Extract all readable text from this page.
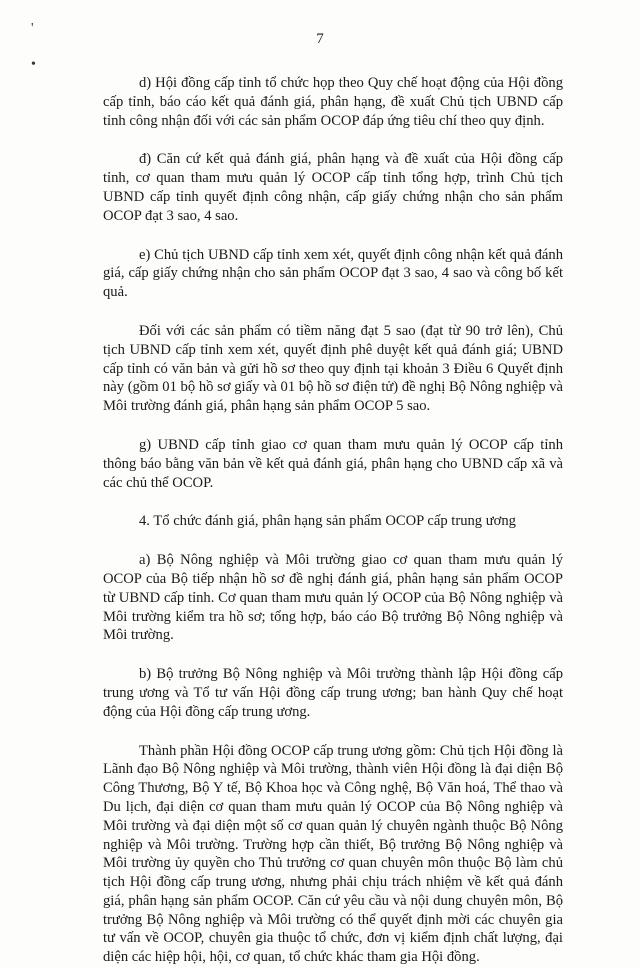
'
•
7

d) Hội đồng cấp tỉnh tổ chức họp theo Quy chế hoạt động của Hội đồng cấp tỉnh, báo cáo kết quả đánh giá, phân hạng, đề xuất Chủ tịch UBND cấp tỉnh công nhận đối với các sản phẩm OCOP đáp ứng tiêu chí theo quy định.

đ) Căn cứ kết quả đánh giá, phân hạng và đề xuất của Hội đồng cấp tỉnh, cơ quan tham mưu quản lý OCOP cấp tỉnh tổng hợp, trình Chủ tịch UBND cấp tỉnh quyết định công nhận, cấp giấy chứng nhận cho sản phẩm OCOP đạt 3 sao, 4 sao.

e) Chủ tịch UBND cấp tỉnh xem xét, quyết định công nhận kết quả đánh giá, cấp giấy chứng nhận cho sản phẩm OCOP đạt 3 sao, 4 sao và công bố kết quả.

Đối với các sản phẩm có tiềm năng đạt 5 sao (đạt từ 90 trở lên), Chủ tịch UBND cấp tỉnh xem xét, quyết định phê duyệt kết quả đánh giá; UBND cấp tỉnh có văn bản và gửi hồ sơ theo quy định tại khoản 3 Điều 6 Quyết định này (gồm 01 bộ hồ sơ giấy và 01 bộ hồ sơ điện tử) đề nghị Bộ Nông nghiệp và Môi trường đánh giá, phân hạng sản phẩm OCOP 5 sao.

g) UBND cấp tỉnh giao cơ quan tham mưu quản lý OCOP cấp tỉnh thông báo bằng văn bản về kết quả đánh giá, phân hạng cho UBND cấp xã và các chủ thể OCOP.

4. Tổ chức đánh giá, phân hạng sản phẩm OCOP cấp trung ương

a) Bộ Nông nghiệp và Môi trường giao cơ quan tham mưu quản lý OCOP của Bộ tiếp nhận hồ sơ đề nghị đánh giá, phân hạng sản phẩm OCOP từ UBND cấp tỉnh. Cơ quan tham mưu quản lý OCOP của Bộ Nông nghiệp và Môi trường kiểm tra hồ sơ; tổng hợp, báo cáo Bộ trưởng Bộ Nông nghiệp và Môi trường.

b) Bộ trưởng Bộ Nông nghiệp và Môi trường thành lập Hội đồng cấp trung ương và Tổ tư vấn Hội đồng cấp trung ương; ban hành Quy chế hoạt động của Hội đồng cấp trung ương.

Thành phần Hội đồng OCOP cấp trung ương gồm: Chủ tịch Hội đồng là Lãnh đạo Bộ Nông nghiệp và Môi trường, thành viên Hội đồng là đại diện Bộ Công Thương, Bộ Y tế, Bộ Khoa học và Công nghệ, Bộ Văn hoá, Thể thao và Du lịch, đại diện cơ quan tham mưu quản lý OCOP của Bộ Nông nghiệp và Môi trường và đại diện một số cơ quan quản lý chuyên ngành thuộc Bộ Nông nghiệp và Môi trường. Trường hợp cần thiết, Bộ trưởng Bộ Nông nghiệp và Môi trường ủy quyền cho Thủ trưởng cơ quan chuyên môn thuộc Bộ làm chủ tịch Hội đồng cấp trung ương, nhưng phải chịu trách nhiệm về kết quả đánh giá, phân hạng sản phẩm OCOP. Căn cứ yêu cầu và nội dung chuyên môn, Bộ trưởng Bộ Nông nghiệp và Môi trường có thể quyết định mời các chuyên gia tư vấn về OCOP, chuyên gia thuộc tổ chức, đơn vị kiểm định chất lượng, đại diện các hiệp hội, hội, cơ quan, tổ chức khác tham gia Hội đồng.
